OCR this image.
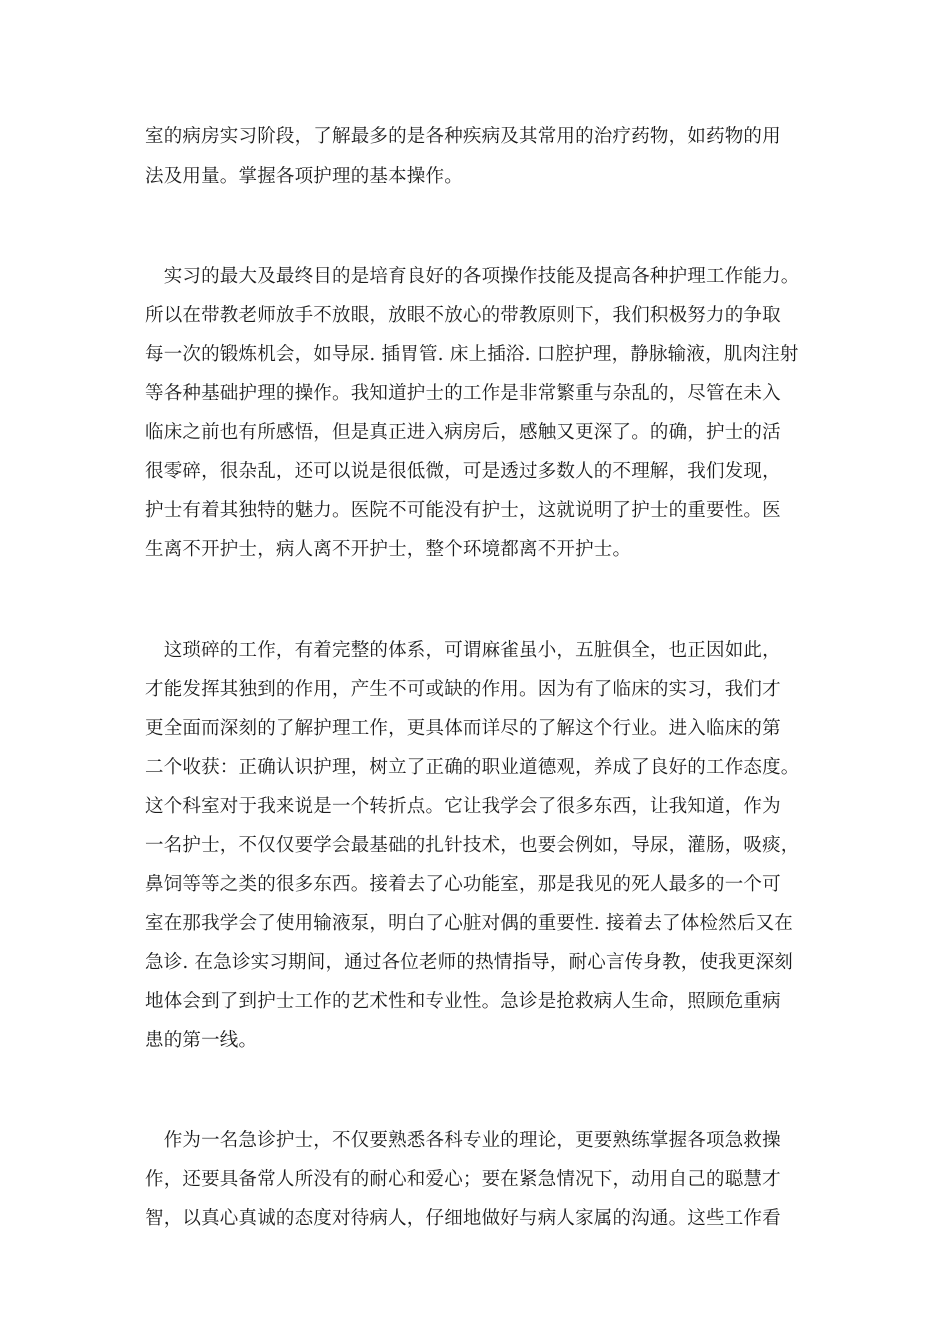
室的病房实习阶段，了解最多的是各种疾病及其常用的治疗药物，如药物的用

法及用量。掌握各项护理的基本操作。

　实习的最大及最终目的是培育良好的各项操作技能及提高各种护理工作能力。

所以在带教老师放手不放眼，放眼不放心的带教原则下，我们积极努力的争取

每一次的锻炼机会，如导尿. 插胃管. 床上插浴. 口腔护理，静脉输液，肌肉注射

等各种基础护理的操作。我知道护士的工作是非常繁重与杂乱的，尽管在未入

临床之前也有所感悟，但是真正进入病房后，感触又更深了。的确，护士的活

很零碎，很杂乱，还可以说是很低微，可是透过多数人的不理解，我们发现，

护士有着其独特的魅力。医院不可能没有护士，这就说明了护士的重要性。医

生离不开护士，病人离不开护士，整个环境都离不开护士。

　这琐碎的工作，有着完整的体系，可谓麻雀虽小，五脏俱全，也正因如此，

才能发挥其独到的作用，产生不可或缺的作用。因为有了临床的实习，我们才

更全面而深刻的了解护理工作，更具体而详尽的了解这个行业。进入临床的第

二个收获：正确认识护理，树立了正确的职业道德观，养成了良好的工作态度。

这个科室对于我来说是一个转折点。它让我学会了很多东西，让我知道，作为

一名护士，不仅仅要学会最基础的扎针技术，也要会例如，导尿，灌肠，吸痰，

鼻饲等等之类的很多东西。接着去了心功能室，那是我见的死人最多的一个可

室在那我学会了使用输液泵，明白了心脏对偶的重要性. 接着去了体检然后又在

急诊. 在急诊实习期间，通过各位老师的热情指导，耐心言传身教，使我更深刻

地体会到了到护士工作的艺术性和专业性。急诊是抢救病人生命，照顾危重病

患的第一线。

　作为一名急诊护士，不仅要熟悉各科专业的理论，更要熟练掌握各项急救操

作，还要具备常人所没有的耐心和爱心；要在紧急情况下，动用自己的聪慧才

智，以真心真诚的态度对待病人，仔细地做好与病人家属的沟通。这些工作看
